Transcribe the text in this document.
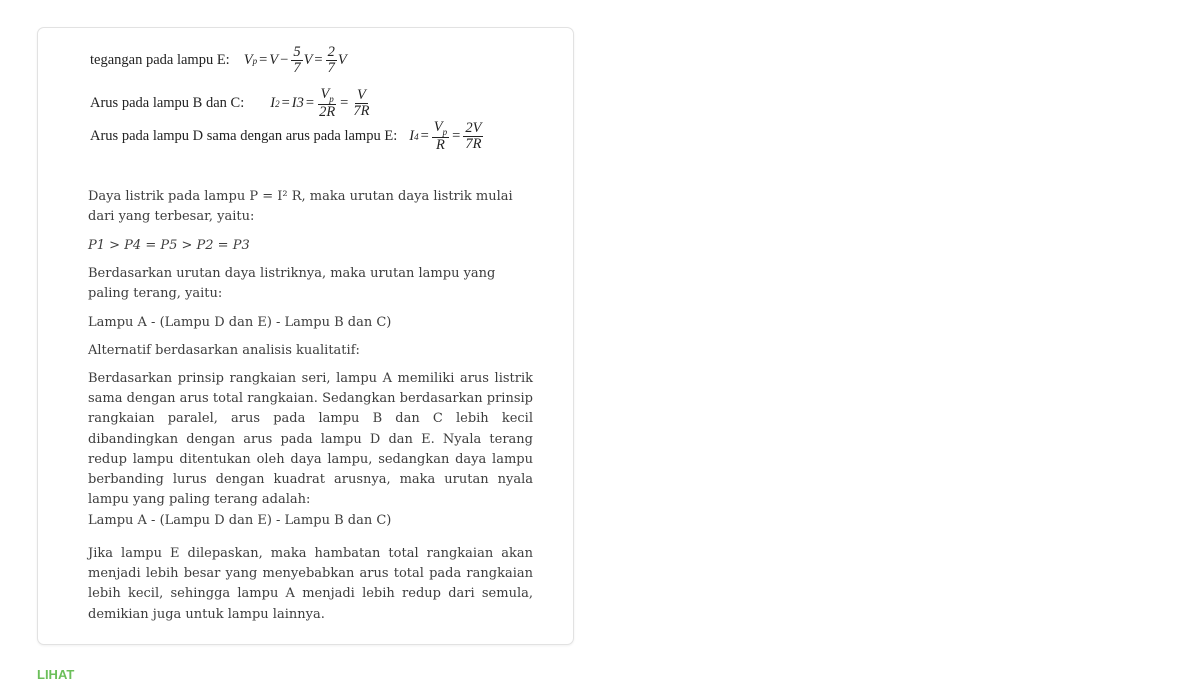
tegangan pada lampu E: V $p = V - \frac{5}{7}$ $V = \frac{2}{7}$ V
Arus pada lampu B dan C: I $2 = I3 = \frac{V_p}{2R} = \frac{V}{7R}$
Arus pada lampu D sama dengan arus pada lampu E: I $4 = \frac{V_p}{R} = \frac{2V}{7R}$

Daya listrik pada lampu P = I² R, maka urutan daya listrik mulai dari yang terbesar, yaitu:

P1 > P4 = P5 > P2 = P3

Berdasarkan urutan daya listriknya, maka urutan lampu yang paling terang, yaitu:

Lampu A - (Lampu D dan E) - Lampu B dan C)

Alternatif berdasarkan analisis kualitatif:

Berdasarkan prinsip rangkaian seri, lampu A memiliki arus listrik sama dengan arus total rangkaian. Sedangkan berdasarkan prinsip rangkaian paralel, arus pada lampu B dan C lebih kecil dibandingkan dengan arus pada lampu D dan E. Nyala terang redup lampu ditentukan oleh daya lampu, sedangkan daya lampu berbanding lurus dengan kuadrat arusnya, maka urutan nyala lampu yang paling terang adalah:

Lampu A - (Lampu D dan E) - Lampu B dan C)

Jika lampu E dilepaskan, maka hambatan total rangkaian akan menjadi lebih besar yang menyebabkan arus total pada rangkaian lebih kecil, sehingga lampu A menjadi lebih redup dari semula, demikian juga untuk lampu lainnya.

LIHAT
